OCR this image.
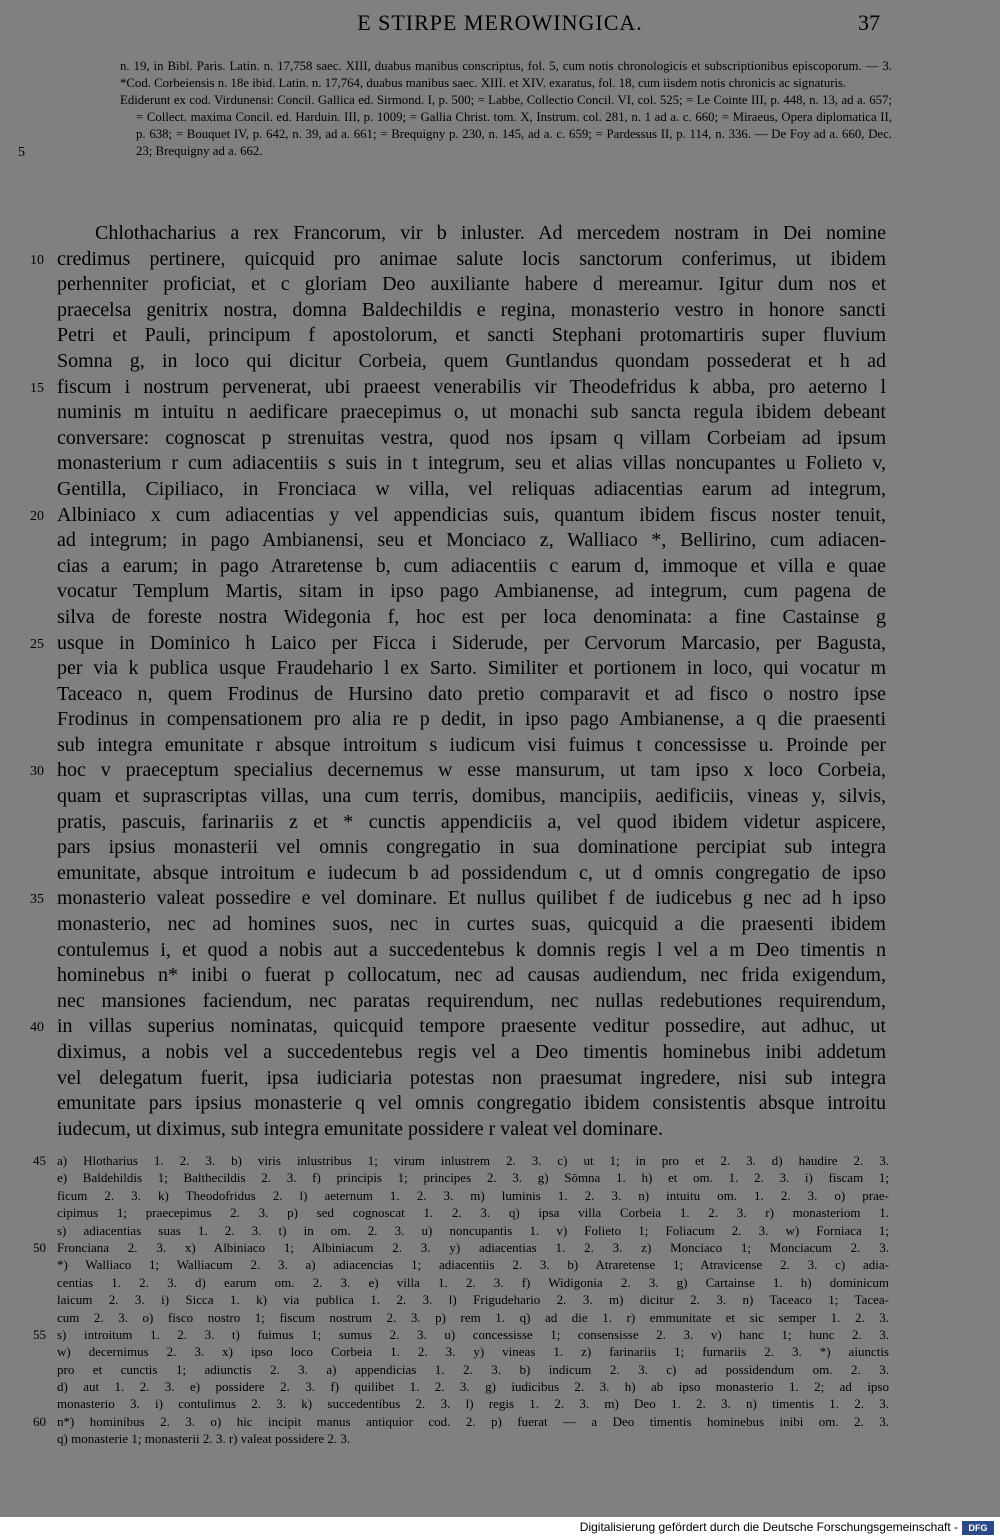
E STIRPE MEROWINGICA.	37
5

n. 19, in Bibl. Paris. Latin. n. 17,758 saec. XIII, duabus manibus conscriptus, fol. 5, cum notis chronologicis et subscriptionibus episcoporum. — 3. *Cod. Corbeiensis n. 18e ibid. Latin. n. 17,764, duabus manibus saec. XIII. et XIV. exaratus, fol. 18, cum iisdem notis chronicis ac signaturis.

Ediderunt ex cod. Virdunensi: Concil. Gallica ed. Sirmond. I, p. 500; = Labbe, Collectio Concil. VI, col. 525; = Le Cointe III, p. 448, n. 13, ad a. 657; = Collect. maxima Concil. ed. Harduin. III, p. 1009; = Gallia Christ. tom. X, Instrum. col. 281, n. 1 ad a. c. 660; = Miraeus, Opera diplomatica II, p. 638; = Bouquet IV, p. 642, n. 39, ad a. 661; = Brequigny p. 230, n. 145, ad a. c. 659; = Pardessus II, p. 114, n. 336. — De Foy ad a. 660, Dec. 23; Brequigny ad a. 662.

Chlothacharius a rex Francorum, vir b inluster. Ad mercedem nostram in Dei nomine
10 credimus pertinere, quicquid pro animae salute locis sanctorum conferimus, ut ibidem
perhenniter proficiat, et c gloriam Deo auxiliante habere d mereamur. Igitur dum nos et
praecelsa genitrix nostra, domna Baldechildis e regina, monasterio vestro in honore sancti
Petri et Pauli, principum f apostolorum, et sancti Stephani protomartiris super fluvium
Somna g, in loco qui dicitur Corbeia, quem Guntlandus quondam possederat et h ad
15 fiscum i nostrum pervenerat, ubi praeest venerabilis vir Theodefridus k abba, pro aeterno l
numinis m intuitu n aedificare praecepimus o, ut monachi sub sancta regula ibidem debeant
conversare: cognoscat p strenuitas vestra, quod nos ipsam q villam Corbeiam ad ipsum
monasterium r cum adiacentiis s suis in t integrum, seu et alias villas noncupantes u Folieto v,
Gentilla, Cipiliaco, in Fronciaca w villa, vel reliquas adiacentias earum ad integrum,
20 Albiniaco x cum adiacentias y vel appendicias suis, quantum ibidem fiscus noster tenuit,
ad integrum; in pago Ambianensi, seu et Monciaco z, Walliaco *, Bellirino, cum adiacen-
cias a earum; in pago Atraretense b, cum adiacentiis c earum d, immoque et villa e quae
vocatur Templum Martis, sitam in ipso pago Ambianense, ad integrum, cum pagena de
silva de foreste nostra Widegonia f, hoc est per loca denominata: a fine Castainse g
25 usque in Dominico h Laico per Ficca i Siderude, per Cervorum Marcasio, per Bagusta,
per via k publica usque Fraudehario l ex Sarto. Similiter et portionem in loco, qui vocatur m
Taceaco n, quem Frodinus de Hursino dato pretio comparavit et ad fisco o nostro ipse
Frodinus in compensationem pro alia re p dedit, in ipso pago Ambianense, a q die praesenti
sub integra emunitate r absque introitum s iudicum visi fuimus t concessisse u. Proinde per
30 hoc v praeceptum specialius decernemus w esse mansurum, ut tam ipso x loco Corbeia,
quam et suprascriptas villas, una cum terris, domibus, mancipiis, aedificiis, vineas y, silvis,
pratis, pascuis, farinariis z et * cunctis appendiciis a, vel quod ibidem videtur aspicere,
pars ipsius monasterii vel omnis congregatio in sua dominatione percipiat sub integra
emunitate, absque introitum e iudecum b ad possidendum c, ut d omnis congregatio de ipso
35 monasterio valeat possedire e vel dominare. Et nullus quilibet f de iudicebus g nec ad h ipso
monasterio, nec ad homines suos, nec in curtes suas, quicquid a die praesenti ibidem
contulemus i, et quod a nobis aut a succedentebus k domnis regis l vel a m Deo timentis n
hominebus n* inibi o fuerat p collocatum, nec ad causas audiendum, nec frida exigendum,
nec mansiones faciendum, nec paratas requirendum, nec nullas redebutiones requirendum,
40 in villas superius nominatas, quicquid tempore praesente veditur possedire, aut adhuc, ut
diximus, a nobis vel a succedentebus regis vel a Deo timentis hominebus inibi addetum
vel delegatum fuerit, ipsa iudiciaria potestas non praesumat ingredere, nisi sub integra
emunitate pars ipsius monasterie q vel omnis congregatio ibidem consistentis absque introitu
iudecum, ut diximus, sub integra emunitate possidere r valeat vel dominare.
45 a) Hlotharius 1. 2. 3. b) viris inlustribus 1; virum inlustrem 2. 3. c) ut 1; in pro et 2. 3. d) haudire 2. 3.
e) Baldehildis 1; Balthecildis 2. 3. f) principis 1; principes 2. 3. g) Sōmna 1. h) et om. 1. 2. 3. i) fiscam 1;
ficum 2. 3. k) Theodofridus 2. l) aeternum 1. 2. 3. m) luminis 1. 2. 3. n) intuitu om. 1. 2. 3. o) prae-
cipimus 1; praecepimus 2. 3. p) sed cognoscat 1. 2. 3. q) ipsa villa Corbeia 1. 2. 3. r) monasteriom 1.
s) adiacentias suas 1. 2. 3. t) in om. 2. 3. u) noncupantis 1. v) Folieto 1; Foliacum 2. 3. w) Forniaca 1;
50 Fronciana 2. 3. x) Albiniaco 1; Albiniacum 2. 3. y) adiacentias 1. 2. 3. z) Monciaco 1; Monciacum 2. 3.
*) Walliaco 1; Walliacum 2. 3. a) adiacencias 1; adiacentiis 2. 3. b) Atraretense 1; Atravicense 2. 3. c) adia-
centias 1. 2. 3. d) earum om. 2. 3. e) villa 1. 2. 3. f) Widigonia 2. 3. g) Cartainse 1. h) dominicum
laicum 2. 3. i) Sicca 1. k) via publica 1. 2. 3. l) Frigudehario 2. 3. m) dicitur 2. 3. n) Taceaco 1; Tacea-
cum 2. 3. o) fisco nostro 1; fiscum nostrum 2. 3. p) rem 1. q) ad die 1. r) emmunitate et sic semper 1. 2. 3.
55 s) introitum 1. 2. 3. t) fuimus 1; sumus 2. 3. u) concessisse 1; consensisse 2. 3. v) hanc 1; hunc 2. 3.
w) decernimus 2. 3. x) ipso loco Corbeia 1. 2. 3. y) vineas 1. z) farinariis 1; furnariis 2. 3. *) aiunctis
pro et cunctis 1; adiunctis 2. 3. a) appendicias 1. 2. 3. b) indicum 2. 3. c) ad possidendum om. 2. 3.
d) aut 1. 2. 3. e) possidere 2. 3. f) quilibet 1. 2. 3. g) iudicibus 2. 3. h) ab ipso monasterio 1. 2; ad ipso
monasterio 3. i) contulimus 2. 3. k) succedentibus 2. 3. l) regis 1. 2. 3. m) Deo 1. 2. 3. n) timentis 1. 2. 3.
60 n*) hominibus 2. 3. o) hic incipit manus antiquior cod. 2. p) fuerat — a Deo timentis hominebus inibi om. 2. 3.
q) monasterie 1; monasterii 2. 3. r) valeat possidere 2. 3.
Digitalisierung gefördert durch die Deutsche Forschungsgemeinschaft -	DFG
